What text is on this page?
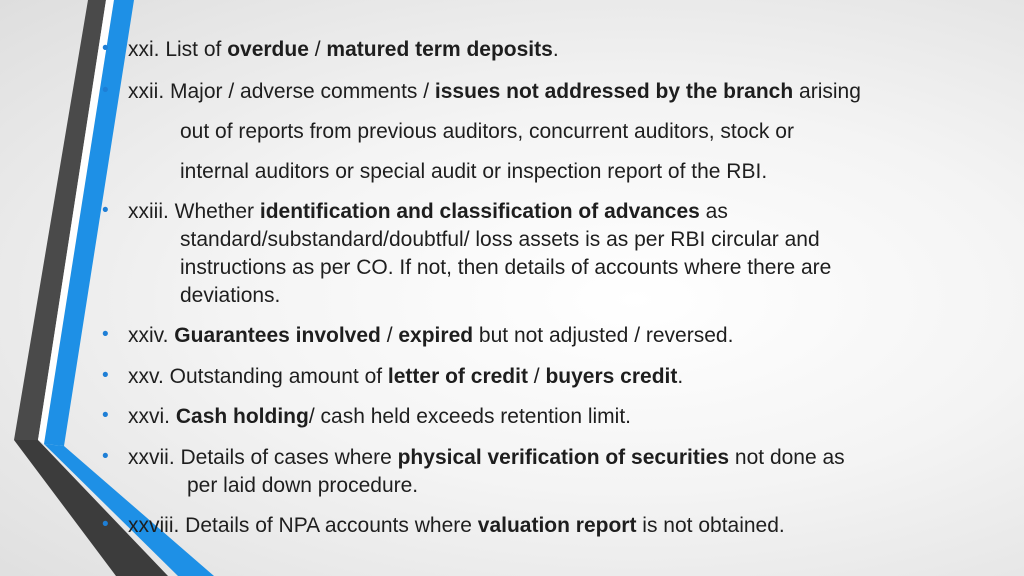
• xxi. List of overdue / matured term deposits.
• xxii. Major / adverse comments / issues not addressed by the branch arising
out of reports from previous auditors, concurrent auditors, stock or
internal auditors or special audit or inspection report of the RBI.
• xxiii. Whether identification and classification of advances as
standard/substandard/doubtful/ loss assets is as per RBI circular and
instructions as per CO. If not, then details of accounts where there are
deviations.
• xxiv. Guarantees involved / expired but not adjusted / reversed.
• xxv. Outstanding amount of letter of credit / buyers credit.
• xxvi. Cash holding/ cash held exceeds retention limit.
• xxvii. Details of cases where physical verification of securities not done as
per laid down procedure.
• xxviii. Details of NPA accounts where valuation report is not obtained.
